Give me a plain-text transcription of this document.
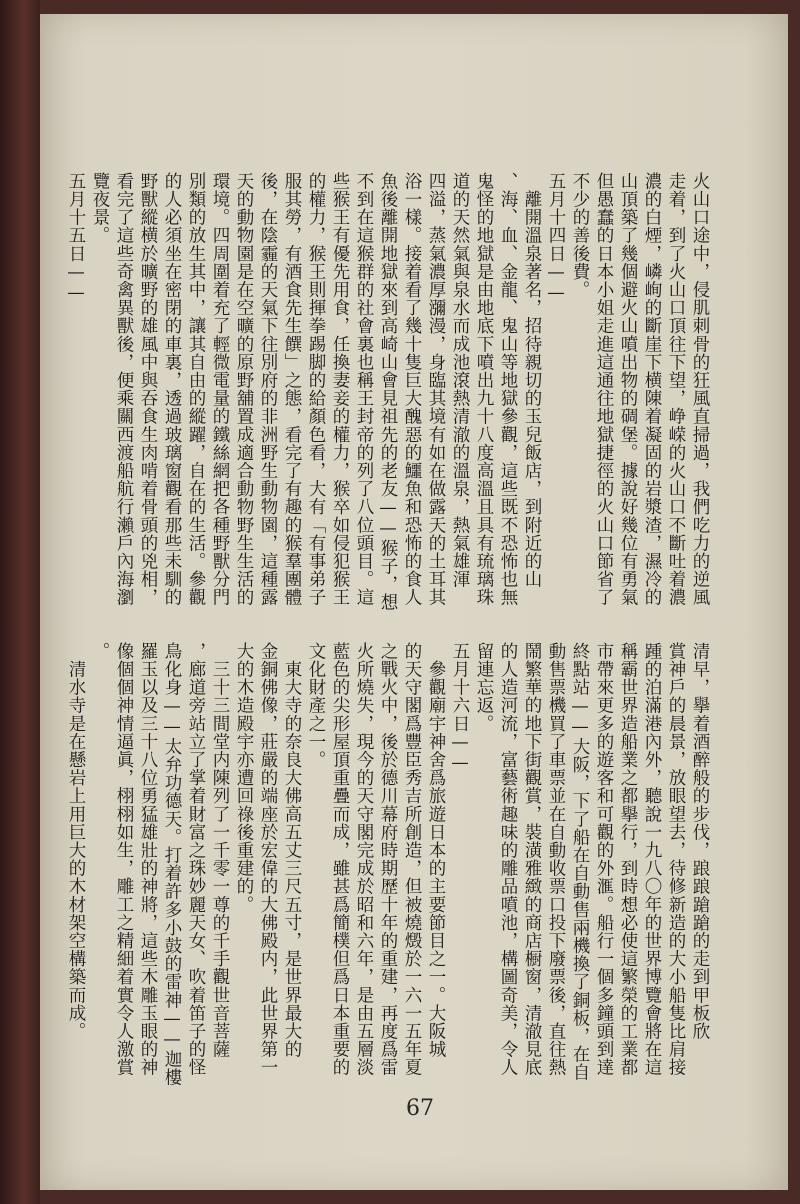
火山口途中，侵肌刺骨的狂風直掃過，我們吃力的逆風

走着，到了火山口頂往下望，峥嵘的火山口不斷吐着濃

濃的白煙，嶙峋的斷崖下横陳着凝固的岩漿渣，濕冷的

山頂築了幾個避火山噴出物的碉堡。據說好幾位有勇氣

但愚蠢的日本小姐走進這通往地獄捷徑的火山口節省了

不少的善後費。

五月十四日——

　離開溫泉著名，招待親切的玉兒飯店，到附近的山

、海、血、金龍、鬼山等地獄參觀，這些既不恐怖也無

鬼怪的地獄是由地底下噴出九十八度高溫且具有琉璃珠

道的天然氣與泉水而成池滾熱清澈的溫泉，熱氣雄渾

四溢，蒸氣濃厚瀰漫，身臨其境有如在做露天的土耳其

浴一樣。接着看了幾十隻巨大醜惡的鱷魚和恐怖的食人

魚後離開地獄來到高崎山會見祖先的老友——猴子，想

不到在這猴群的社會裏也稱王封帝的列了八位頭目。這

些猴王有優先用食，任換妻妾的權力，猴卒如侵犯猴王

的權力，猴王則揮拳踢脚的給顏色看，大有「有事弟子

服其勞，有酒食先生饌」之態，看完了有趣的猴羣團體

後，在陰霾的天氣下往別府的非洲野生動物園，這種露

天的動物園是在空曠的原野舖置成適合動物野生生活的

環境。四周圍着充了輕微電量的鐵絲網把各種野獸分門

別類的放生其中，讓其自由的縱躍，自在的生活。參觀

的人必須坐在密閉的車裏，透過玻璃窗觀看那些未馴的

野獸縱横於曠野的雄風中與吞食生肉啃着骨頭的兇相，

看完了這些奇禽異獸後，便乘關西渡船航行瀨戶內海瀏

覽夜景。

五月十五日——

清早，擧着酒醉般的步伐，踉踉蹌蹌的走到甲板欣

賞神戶的晨景，放眼望去，待修新造的大小船隻比肩接

踵的泊滿港內外，聽說一九八〇年的世界博覽會將在這

稱霸世界造船業之都擧行，到時想必使這繁榮的工業都

市帶來更多的遊客和可觀的外滙。船行一個多鐘頭到達

終點站——大阪，下了船在自動售兩機換了銅板，在自

動售票機買了車票並在自動收票口投下廢票後，直往熱

鬧繁華的地下街觀賞，裝潢雅緻的商店橱窗，清澈見底

的人造河流，富藝術趣味的雕品噴池，構圖奇美，令人

留連忘返。

五月十六日——

　參觀廟宇神舍爲旅遊日本的主要節目之一。大阪城

的天守閣爲豐臣秀吉所創造，但被燒燬於一六一五年夏

之戰火中，後於德川幕府時期歷十年的重建，再度爲雷

火所燒失，現今的天守閣完成於昭和六年，是由五層淡

藍色的尖形屋頂重疊而成，雖甚爲簡樸但爲日本重要的

文化財產之一。

　東大寺的奈良大佛高五丈三尺五寸，是世界最大的

金銅佛像，莊嚴的端座於宏偉的大佛殿内，此世界第一

大的木造殿宇亦遭回祿後重建的。

　三十三間堂内陳列了一千零一尊的千手觀世音菩薩

，廊道旁站立了掌着財富之珠妙麗天女、吹着笛子的怪

鳥化身——太弁功德天。打着許多小鼓的雷神——迦樓

羅玉以及三十八位勇猛雄壯的神將，這些木雕玉眼的神

像個個神情逼眞，栩栩如生，雕工之精細着實令人激賞

。

　清水寺是在懸岩上用巨大的木材架空構築而成。

67
